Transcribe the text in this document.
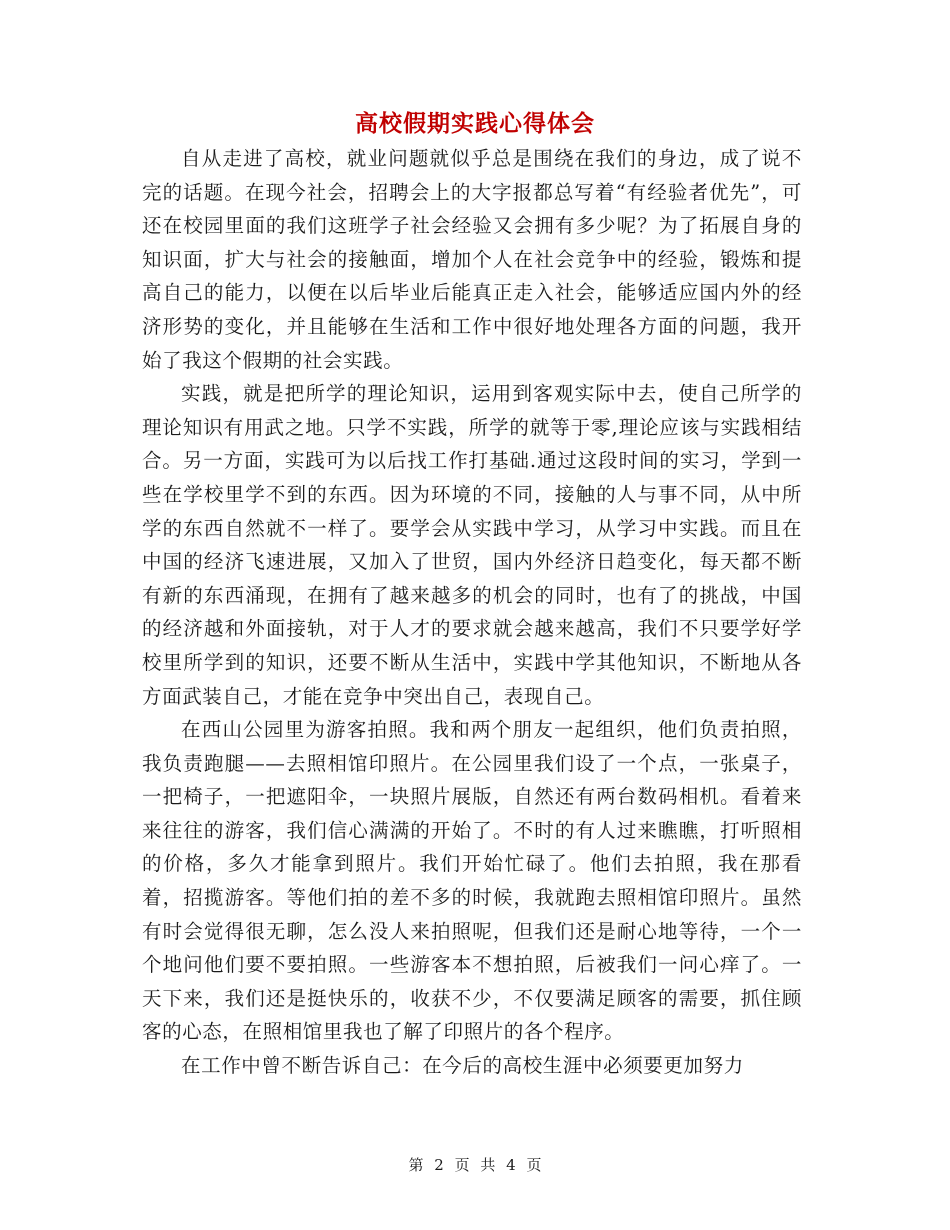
高校假期实践心得体会

自从走进了高校，就业问题就似乎总是围绕在我们的身边，成了说不完的话题。在现今社会，招聘会上的大字报都总写着“有经验者优先”，可还在校园里面的我们这班学子社会经验又会拥有多少呢？为了拓展自身的知识面，扩大与社会的接触面，增加个人在社会竞争中的经验，锻炼和提高自己的能力，以便在以后毕业后能真正走入社会，能够适应国内外的经济形势的变化，并且能够在生活和工作中很好地处理各方面的问题，我开始了我这个假期的社会实践。

实践，就是把所学的理论知识，运用到客观实际中去，使自己所学的理论知识有用武之地。只学不实践，所学的就等于零,理论应该与实践相结合。另一方面，实践可为以后找工作打基础.通过这段时间的实习，学到一些在学校里学不到的东西。因为环境的不同，接触的人与事不同，从中所学的东西自然就不一样了。要学会从实践中学习，从学习中实践。而且在中国的经济飞速进展，又加入了世贸，国内外经济日趋变化，每天都不断有新的东西涌现，在拥有了越来越多的机会的同时，也有了的挑战，中国的经济越和外面接轨，对于人才的要求就会越来越高，我们不只要学好学校里所学到的知识，还要不断从生活中，实践中学其他知识，不断地从各方面武装自己，才能在竞争中突出自己，表现自己。

在西山公园里为游客拍照。我和两个朋友一起组织，他们负责拍照，我负责跑腿——去照相馆印照片。在公园里我们设了一个点，一张桌子，一把椅子，一把遮阳伞，一块照片展版，自然还有两台数码相机。看着来来往往的游客，我们信心满满的开始了。不时的有人过来瞧瞧，打听照相的价格，多久才能拿到照片。我们开始忙碌了。他们去拍照，我在那看着，招揽游客。等他们拍的差不多的时候，我就跑去照相馆印照片。虽然有时会觉得很无聊，怎么没人来拍照呢，但我们还是耐心地等待，一个一个地问他们要不要拍照。一些游客本不想拍照，后被我们一问心痒了。一天下来，我们还是挺快乐的，收获不少，不仅要满足顾客的需要，抓住顾客的心态，在照相馆里我也了解了印照片的各个程序。

在工作中曾不断告诉自己：在今后的高校生涯中必须要更加努力

第 2 页 共 4 页
